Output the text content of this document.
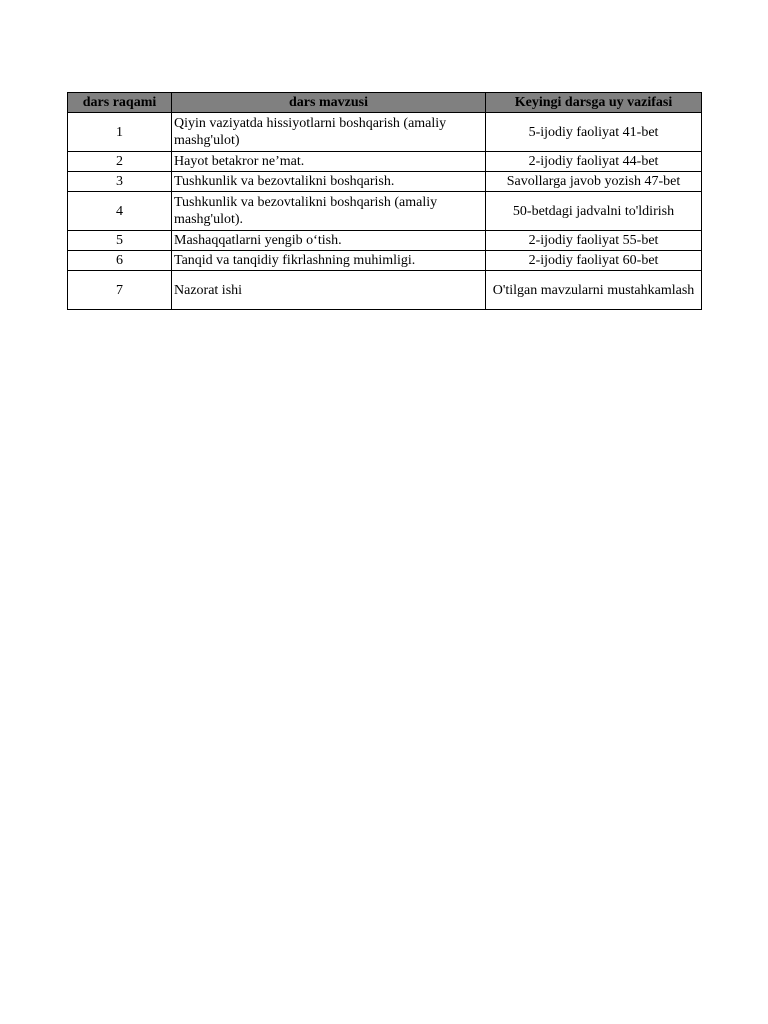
dars raqami	dars mavzusi	Keyingi darsga uy vazifasi
1	Qiyin vaziyatda hissiyotlarni boshqarish (amaliy mashg'ulot)	5-ijodiy faoliyat 41-bet
2	Hayot betakror ne’mat.	2-ijodiy faoliyat 44-bet
3	Tushkunlik va bezovtalikni boshqarish.	Savollarga javob yozish 47-bet
4	Tushkunlik va bezovtalikni boshqarish (amaliy mashg'ulot).	50-betdagi jadvalni to'ldirish
5	Mashaqqatlarni yengib o‘tish.	2-ijodiy faoliyat 55-bet
6	Tanqid va tanqidiy fikrlashning muhimligi.	2-ijodiy faoliyat 60-bet
7	Nazorat ishi	O'tilgan mavzularni mustahkamlash
